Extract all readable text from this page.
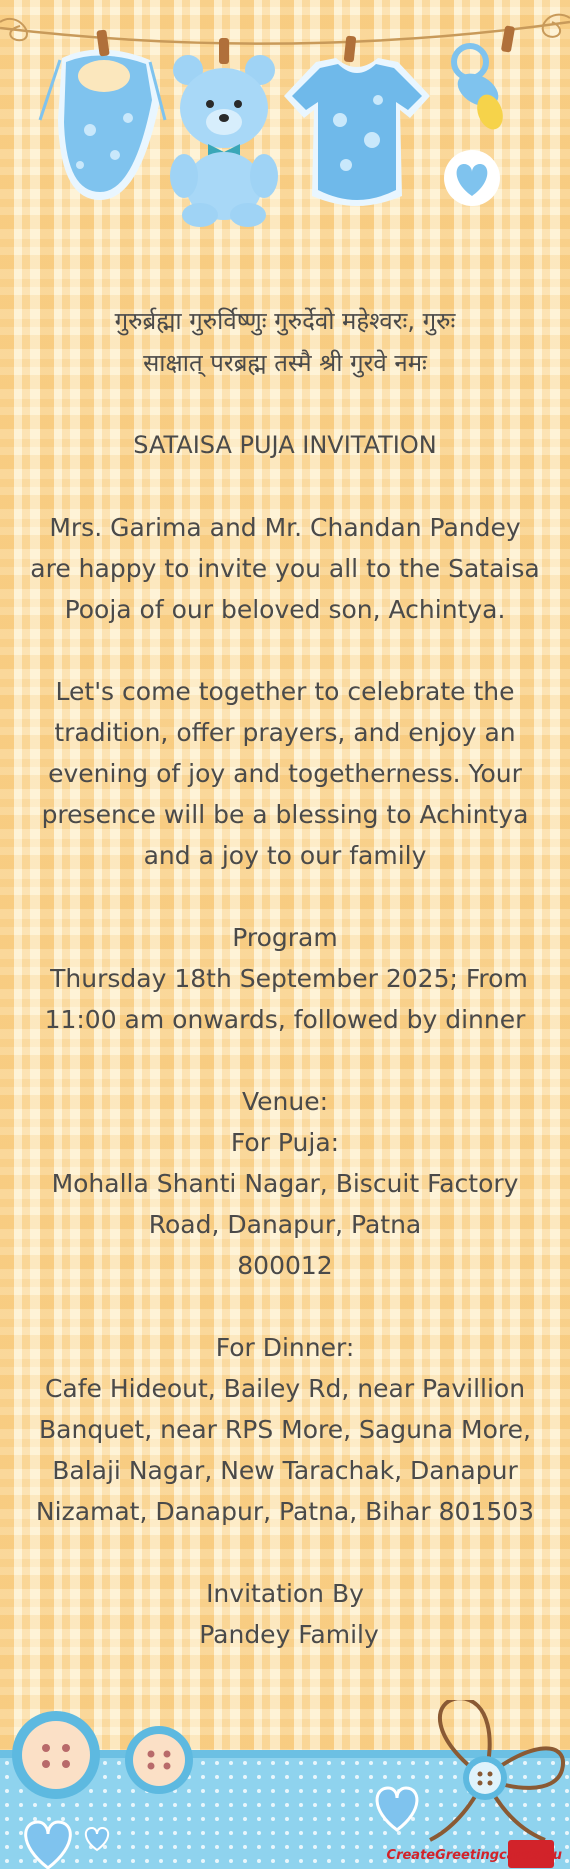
गुरुर्ब्रह्मा गुरुर्विष्णुः गुरुर्देवो महेश्वरः, गुरुः
साक्षात् परब्रह्म तस्मै श्री गुरवे नमः
SATAISA PUJA INVITATION
Mrs. Garima and Mr. Chandan Pandey
are happy to invite you all to the Sataisa
Pooja of our beloved son, Achintya.
Let's come together to celebrate the
tradition, offer prayers, and enjoy an
evening of joy and togetherness. Your
presence will be a blessing to Achintya
and a joy to our family
Program
Thursday 18th September 2025; From
11:00 am onwards, followed by dinner
Venue:
For Puja:
Mohalla Shanti Nagar, Biscuit Factory
Road, Danapur, Patna
800012
For Dinner:
Cafe Hideout, Bailey Rd, near Pavillion
Banquet, near RPS More, Saguna More,
Balaji Nagar, New Tarachak, Danapur
Nizamat, Danapur, Patna, Bihar 801503
Invitation By
Pandey Family
CreateGreetingcards.eu
